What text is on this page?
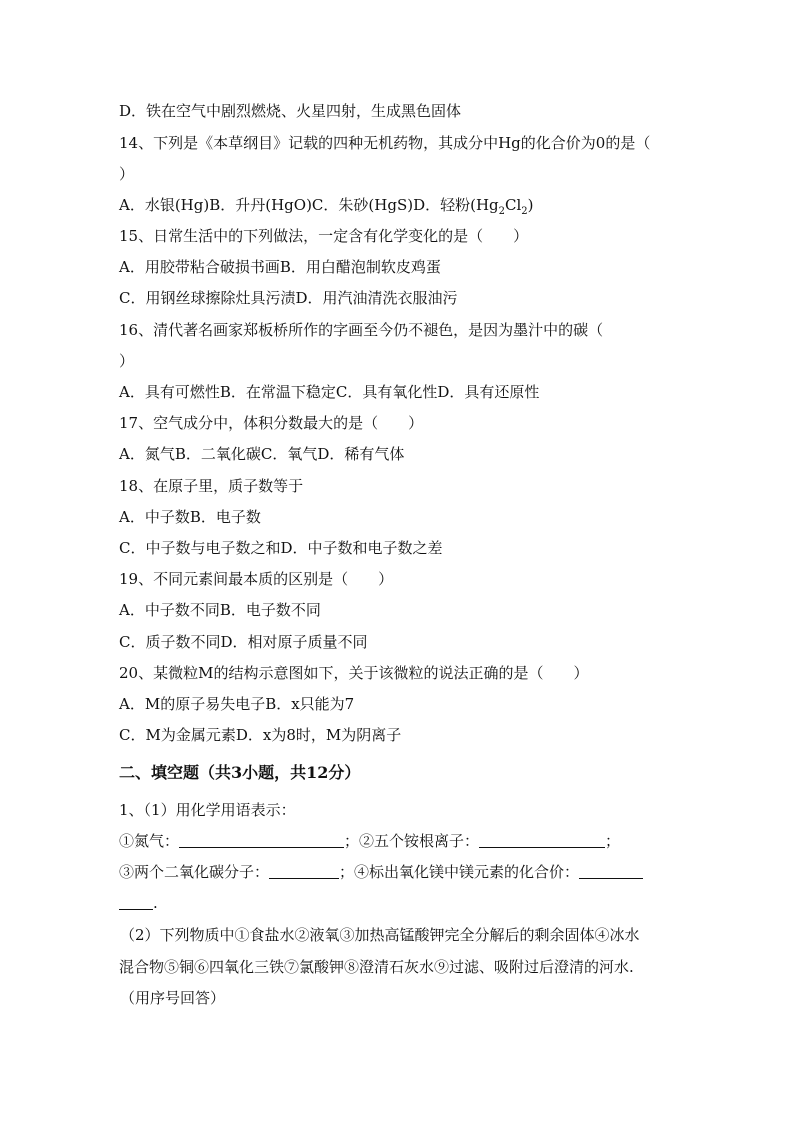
D．铁在空气中剧烈燃烧、火星四射，生成黑色固体
14、下列是《本草纲目》记载的四种无机药物，其成分中Hg的化合价为0的是（
）
A．水银(Hg)B．升丹(HgO)C．朱砂(HgS)D．轻粉$(Hg_2Cl_2)$
15、日常生活中的下列做法，一定含有化学变化的是（　　）
A．用胶带粘合破损书画B．用白醋泡制软皮鸡蛋
C．用钢丝球擦除灶具污渍D．用汽油清洗衣服油污
16、清代著名画家郑板桥所作的字画至今仍不褪色，是因为墨汁中的碳（
）
A．具有可燃性B．在常温下稳定C．具有氧化性D．具有还原性
17、空气成分中，体积分数最大的是（　　）
A．氮气B．二氧化碳C．氧气D．稀有气体
18、在原子里，质子数等于
A．中子数B．电子数
C．中子数与电子数之和D．中子数和电子数之差
19、不同元素间最本质的区别是（　　）
A．中子数不同B．电子数不同
C．质子数不同D．相对原子质量不同
20、某微粒M的结构示意图如下，关于该微粒的说法正确的是（　　）
A．M的原子易失电子B．x只能为7
C．M为金属元素D．x为8时，M为阴离子
二、填空题（共3小题，共12分）
1、（1）用化学用语表示：
①氮气：	；②五个铵根离子：	；
③两个二氧化碳分子：	；④标出氧化镁中镁元素的化合价：
.
（2）下列物质中①食盐水②液氧③加热高锰酸钾完全分解后的剩余固体④冰水
混合物⑤铜⑥四氧化三铁⑦氯酸钾⑧澄清石灰水⑨过滤、吸附过后澄清的河水.
（用序号回答）
